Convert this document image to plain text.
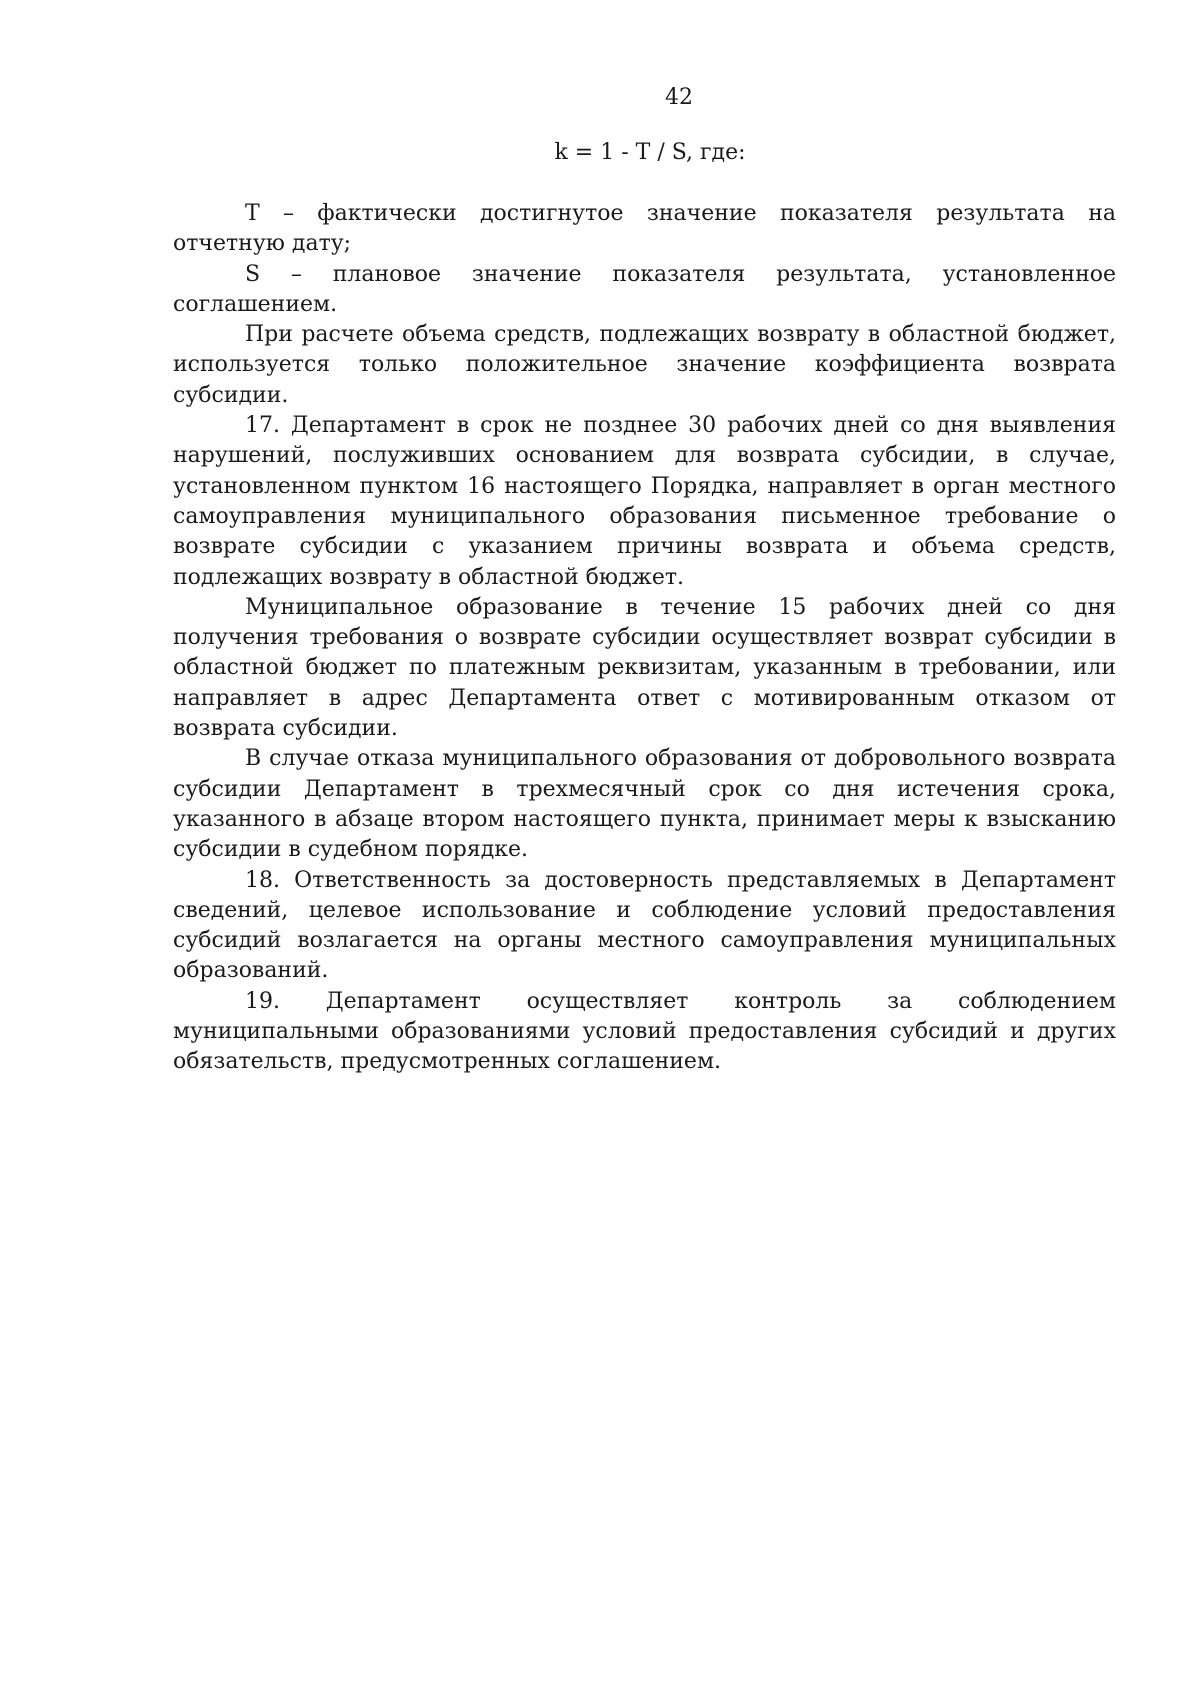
42
k = 1 - T / S, где:

T – фактически достигнутое значение показателя результата на отчетную дату;

S – плановое значение показателя результата, установленное соглашением.

При расчете объема средств, подлежащих возврату в областной бюджет, используется только положительное значение коэффициента возврата субсидии.

17. Департамент в срок не позднее 30 рабочих дней со дня выявления нарушений, послуживших основанием для возврата субсидии, в случае, установленном пунктом 16 настоящего Порядка, направляет в орган местного самоуправления муниципального образования письменное требование о возврате субсидии с указанием причины возврата и объема средств, подлежащих возврату в областной бюджет.

Муниципальное образование в течение 15 рабочих дней со дня получения требования о возврате субсидии осуществляет возврат субсидии в областной бюджет по платежным реквизитам, указанным в требовании, или направляет в адрес Департамента ответ с мотивированным отказом от возврата субсидии.

В случае отказа муниципального образования от добровольного возврата субсидии Департамент в трехмесячный срок со дня истечения срока, указанного в абзаце втором настоящего пункта, принимает меры к взысканию субсидии в судебном порядке.

18. Ответственность за достоверность представляемых в Департамент сведений, целевое использование и соблюдение условий предоставления субсидий возлагается на органы местного самоуправления муниципальных образований.

19. Департамент осуществляет контроль за соблюдением муниципальными образованиями условий предоставления субсидий и других обязательств, предусмотренных соглашением.
